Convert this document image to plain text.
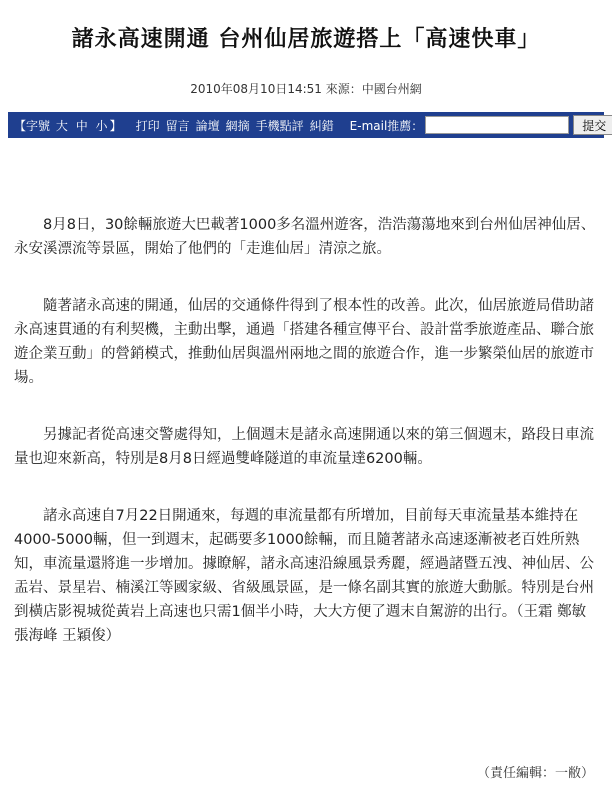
諸永高速開通 台州仙居旅遊搭上「高速快車」
2010年08月10日14:51 來源：中國台州網
【字號 大 中 小 】 打印 留言 論壇 網摘 手機點評 糾錯 E-mail推薦：	提交

8月8日，30餘輛旅遊大巴載著1000多名溫州遊客，浩浩蕩蕩地來到台州仙居神仙居、永安溪漂流等景區，開始了他們的「走進仙居」清涼之旅。

隨著諸永高速的開通，仙居的交通條件得到了根本性的改善。此次，仙居旅遊局借助諸永高速貫通的有利契機，主動出擊，通過「搭建各種宣傳平台、設計當季旅遊產品、聯合旅遊企業互動」的營銷模式，推動仙居與溫州兩地之間的旅遊合作，進一步繁榮仙居的旅遊市場。

另據記者從高速交警處得知，上個週末是諸永高速開通以來的第三個週末，路段日車流量也迎來新高，特別是8月8日經過雙峰隧道的車流量達6200輛。

諸永高速自7月22日開通來，每週的車流量都有所增加，目前每天車流量基本維持在4000-5000輛，但一到週末，起碼要多1000餘輛，而且隨著諸永高速逐漸被老百姓所熟知，車流量還將進一步增加。據瞭解，諸永高速沿線風景秀麗，經過諸暨五洩、神仙居、公盂岩、景星岩、楠溪江等國家級、省級風景區，是一條名副其實的旅遊大動脈。特別是台州到橫店影視城從黃岩上高速也只需1個半小時，大大方便了週末自駕游的出行。（王霜 鄭敏 張海峰 王穎俊）

（責任編輯：一敝）
